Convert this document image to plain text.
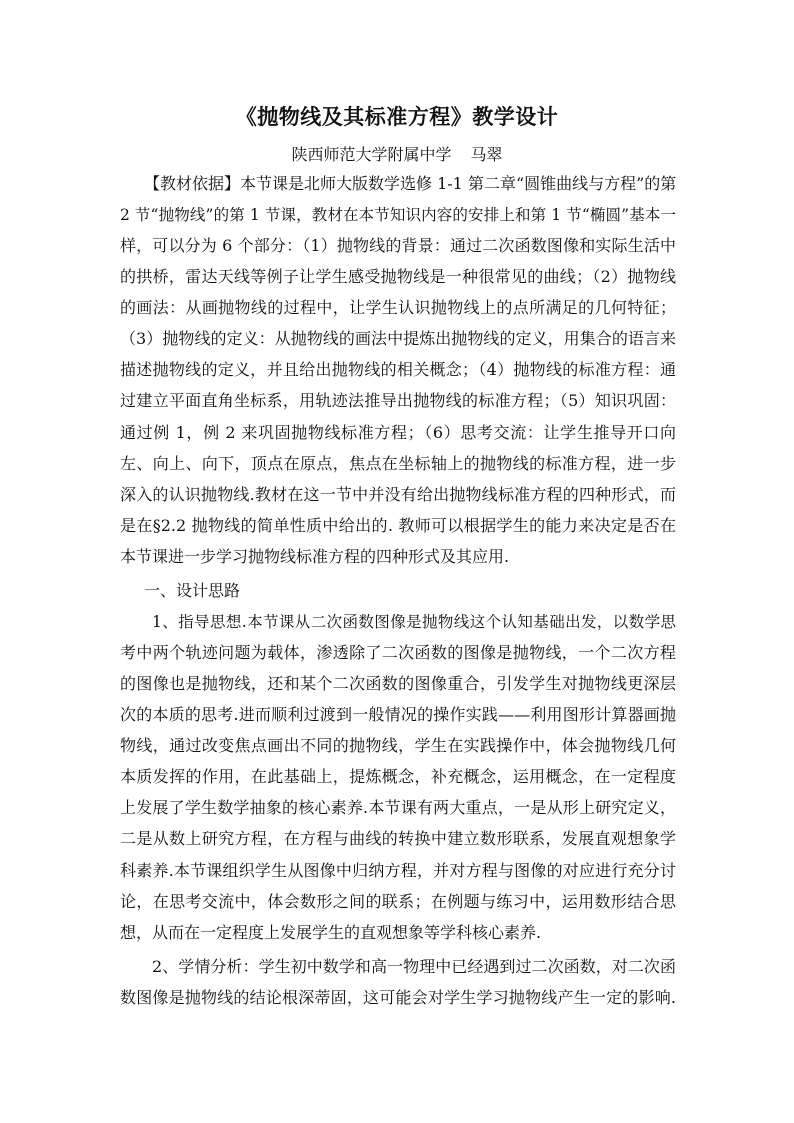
《抛物线及其标准方程》教学设计
陕西师范大学附属中学 马翠
【教材依据】本节课是北师大版数学选修 1-1 第二章“圆锥曲线与方程”的第
2 节“抛物线”的第 1 节课，教材在本节知识内容的安排上和第 1 节“椭圆”基本一
样，可以分为 6 个部分：（1）抛物线的背景：通过二次函数图像和实际生活中
的拱桥，雷达天线等例子让学生感受抛物线是一种很常见的曲线；（2）抛物线
的画法：从画抛物线的过程中，让学生认识抛物线上的点所满足的几何特征；
（3）抛物线的定义：从抛物线的画法中提炼出抛物线的定义，用集合的语言来
描述抛物线的定义，并且给出抛物线的相关概念；（4）抛物线的标准方程：通
过建立平面直角坐标系，用轨迹法推导出抛物线的标准方程；（5）知识巩固：
通过例 1，例 2 来巩固抛物线标准方程；（6）思考交流：让学生推导开口向
左、向上、向下，顶点在原点，焦点在坐标轴上的抛物线的标准方程，进一步
深入的认识抛物线.教材在这一节中并没有给出抛物线标准方程的四种形式，而
是在§2.2 抛物线的简单性质中给出的. 教师可以根据学生的能力来决定是否在
本节课进一步学习抛物线标准方程的四种形式及其应用.
一、设计思路
1、指导思想.本节课从二次函数图像是抛物线这个认知基础出发，以数学思
考中两个轨迹问题为载体，渗透除了二次函数的图像是抛物线，一个二次方程
的图像也是抛物线，还和某个二次函数的图像重合，引发学生对抛物线更深层
次的本质的思考.进而顺利过渡到一般情况的操作实践——利用图形计算器画抛
物线，通过改变焦点画出不同的抛物线，学生在实践操作中，体会抛物线几何
本质发挥的作用，在此基础上，提炼概念，补充概念，运用概念，在一定程度
上发展了学生数学抽象的核心素养.本节课有两大重点，一是从形上研究定义，
二是从数上研究方程，在方程与曲线的转换中建立数形联系，发展直观想象学
科素养.本节课组织学生从图像中归纳方程，并对方程与图像的对应进行充分讨
论，在思考交流中，体会数形之间的联系；在例题与练习中，运用数形结合思
想，从而在一定程度上发展学生的直观想象等学科核心素养.
2、学情分析：学生初中数学和高一物理中已经遇到过二次函数，对二次函
数图像是抛物线的结论根深蒂固，这可能会对学生学习抛物线产生一定的影响.
